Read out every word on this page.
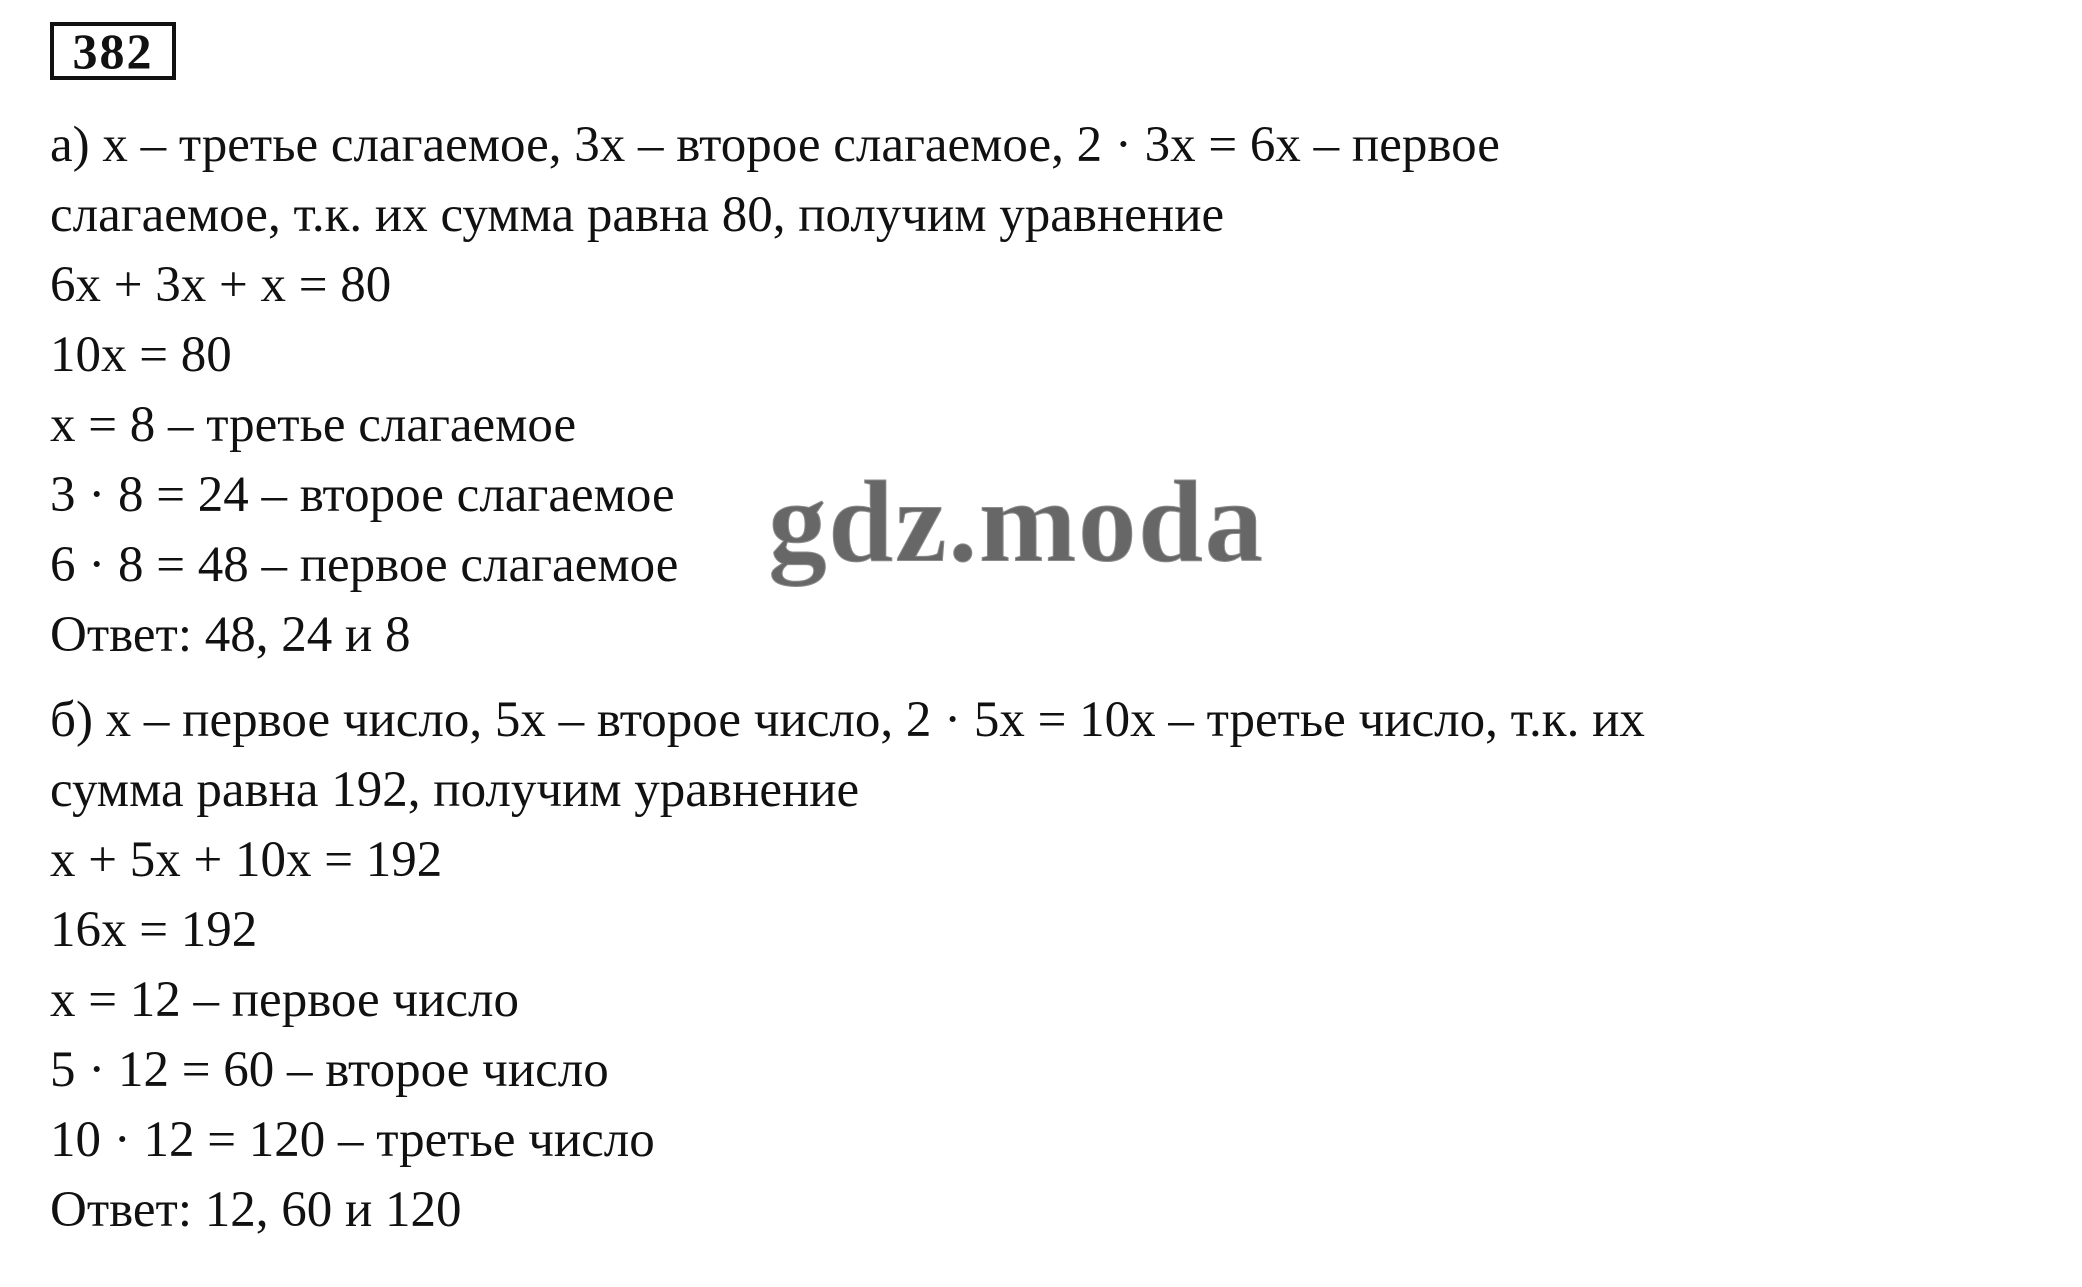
382
а) x – третье слагаемое, 3x – второе слагаемое, 2 · 3x = 6x – первое
слагаемое, т.к. их сумма равна 80, получим уравнение
6x + 3x + x = 80
10x = 80
x = 8 – третье слагаемое
3 · 8 = 24 – второе слагаемое
6 · 8 = 48 – первое слагаемое
Ответ: 48, 24 и 8
б) x – первое число, 5x – второе число, 2 · 5x = 10x – третье число, т.к. их
сумма равна 192, получим уравнение
x + 5x + 10x = 192
16x = 192
x = 12 – первое число
5 · 12 = 60 – второе число
10 · 12 = 120 – третье число
Ответ: 12, 60 и 120
gdz.moda
